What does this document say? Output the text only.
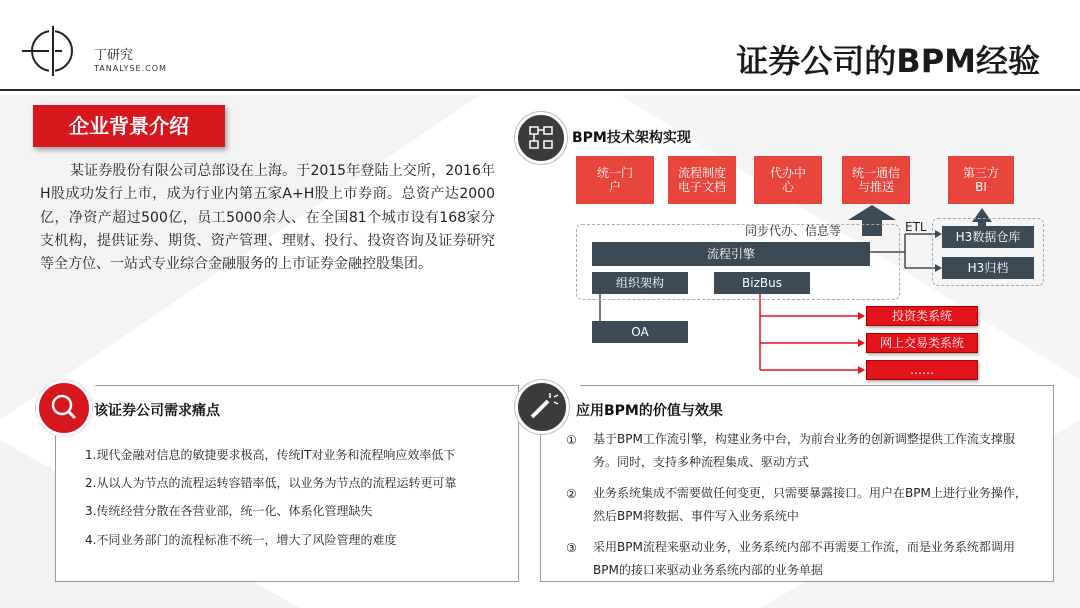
丁研究
TANALYSE.COM	证券公司的BPM经验
企业背景介绍
某证券股份有限公司总部设在上海。于2015年登陆上交所，2016年H股成功发行上市，成为行业内第五家A+H股上市券商。总资产达2000亿，净资产超过500亿，员工5000余人、在全国81个城市设有168家分支机构，提供证券、期货、资产管理、理财、投行、投资咨询及证券研究等全方位、一站式专业综合金融服务的上市证券金融控股集团。
BPM技术架构实现
统一门户
流程制度电子文档
代办中心
统一通信与推送
第三方BI
同步代办、信息等	ETL
流程引擎
组织架构	BizBus
OA
H3数据仓库
H3归档
投资类系统
网上交易类系统
……
该证券公司需求痛点
1.现代金融对信息的敏捷要求极高，传统IT对业务和流程响应效率低下
2.从以人为节点的流程运转容错率低，以业务为节点的流程运转更可靠
3.传统经营分散在各营业部，统一化、体系化管理缺失
4.不同业务部门的流程标准不统一，增大了风险管理的难度
应用BPM的价值与效果
① 基于BPM工作流引擎，构建业务中台，为前台业务的创新调整提供工作流支撑服务。同时，支持多种流程集成、驱动方式
② 业务系统集成不需要做任何变更，只需要暴露接口。用户在BPM上进行业务操作，然后BPM将数据、事件写入业务系统中
③ 采用BPM流程来驱动业务，业务系统内部不再需要工作流，而是业务系统都调用BPM的接口来驱动业务系统内部的业务单据
